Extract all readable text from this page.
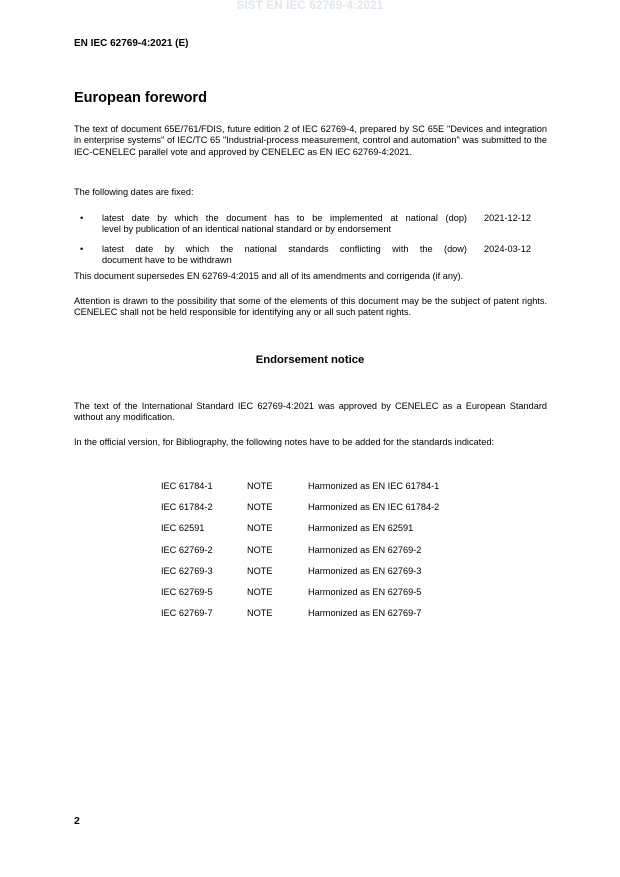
SIST EN IEC 62769-4:2021
EN IEC 62769-4:2021 (E)
European foreword

The text of document 65E/761/FDIS, future edition 2 of IEC 62769-4, prepared by SC 65E "Devices and integration in enterprise systems" of IEC/TC 65 "Industrial-process measurement, control and automation" was submitted to the IEC-CENELEC parallel vote and approved by CENELEC as EN IEC 62769-4:2021.

The following dates are fixed:

• latest date by which the document has to be implemented at national (dop)
level by publication of an identical national standard or by endorsement
2021-12-12
• latest date by which the national standards conflicting with the (dow)
document have to be withdrawn
2024-03-12

This document supersedes EN 62769-4:2015 and all of its amendments and corrigenda (if any).

Attention is drawn to the possibility that some of the elements of this document may be the subject of patent rights. CENELEC shall not be held responsible for identifying any or all such patent rights.

Endorsement notice

The text of the International Standard IEC 62769-4:2021 was approved by CENELEC as a European Standard without any modification.

In the official version, for Bibliography, the following notes have to be added for the standards indicated:

IEC 61784-1	NOTE	Harmonized as EN IEC 61784-1
IEC 61784-2	NOTE	Harmonized as EN IEC 61784-2
IEC 62591	NOTE	Harmonized as EN 62591
IEC 62769-2	NOTE	Harmonized as EN 62769-2
IEC 62769-3	NOTE	Harmonized as EN 62769-3
IEC 62769-5	NOTE	Harmonized as EN 62769-5
IEC 62769-7	NOTE	Harmonized as EN 62769-7
2
